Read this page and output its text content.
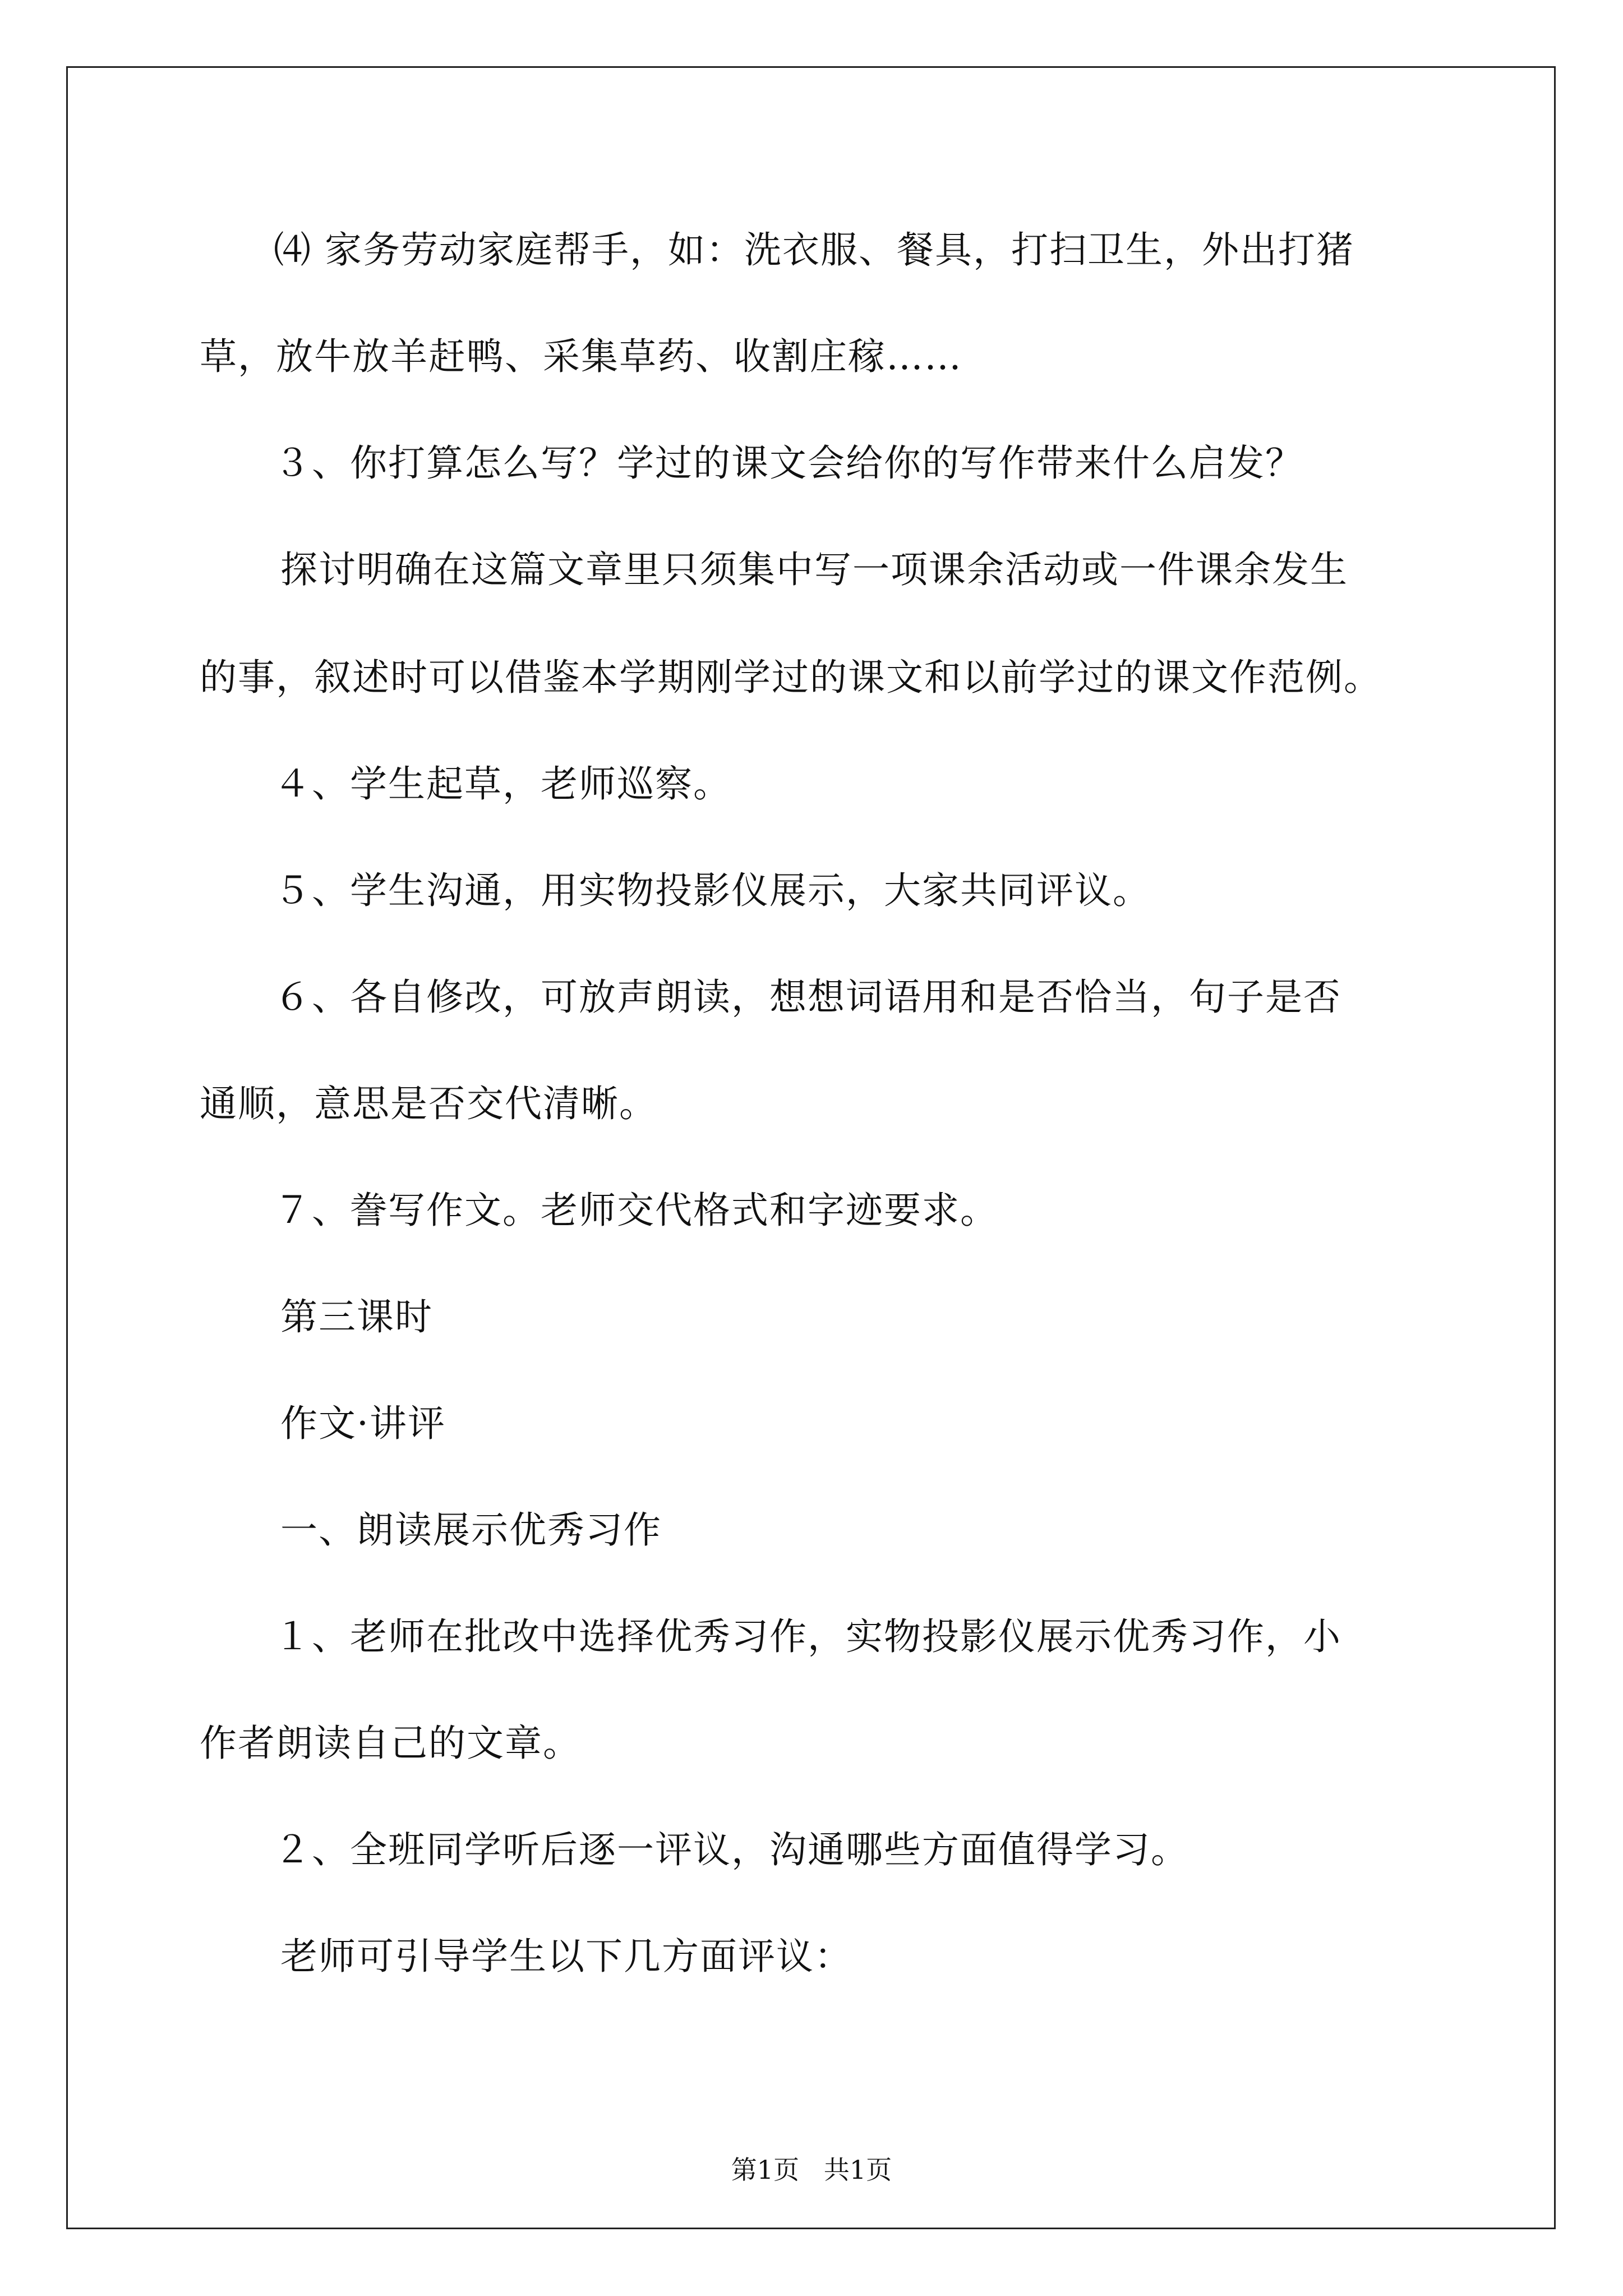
⑷ 家务劳动家庭帮手，如：洗衣服、餐具，打扫卫生，外出打猪
草，放牛放羊赶鸭、采集草药、收割庄稼……
３、你打算怎么写？学过的课文会给你的写作带来什么启发？
探讨明确在这篇文章里只须集中写一项课余活动或一件课余发生
的事，叙述时可以借鉴本学期刚学过的课文和以前学过的课文作范例。
４、学生起草，老师巡察。
５、学生沟通，用实物投影仪展示，大家共同评议。
６、各自修改，可放声朗读，想想词语用和是否恰当，句子是否
通顺，意思是否交代清晰。
７、誊写作文。老师交代格式和字迹要求。
第三课时
作文·讲评
一、朗读展示优秀习作
１、老师在批改中选择优秀习作，实物投影仪展示优秀习作，小
作者朗读自己的文章。
２、全班同学听后逐一评议，沟通哪些方面值得学习。
老师可引导学生以下几方面评议：
第1页   共1页
